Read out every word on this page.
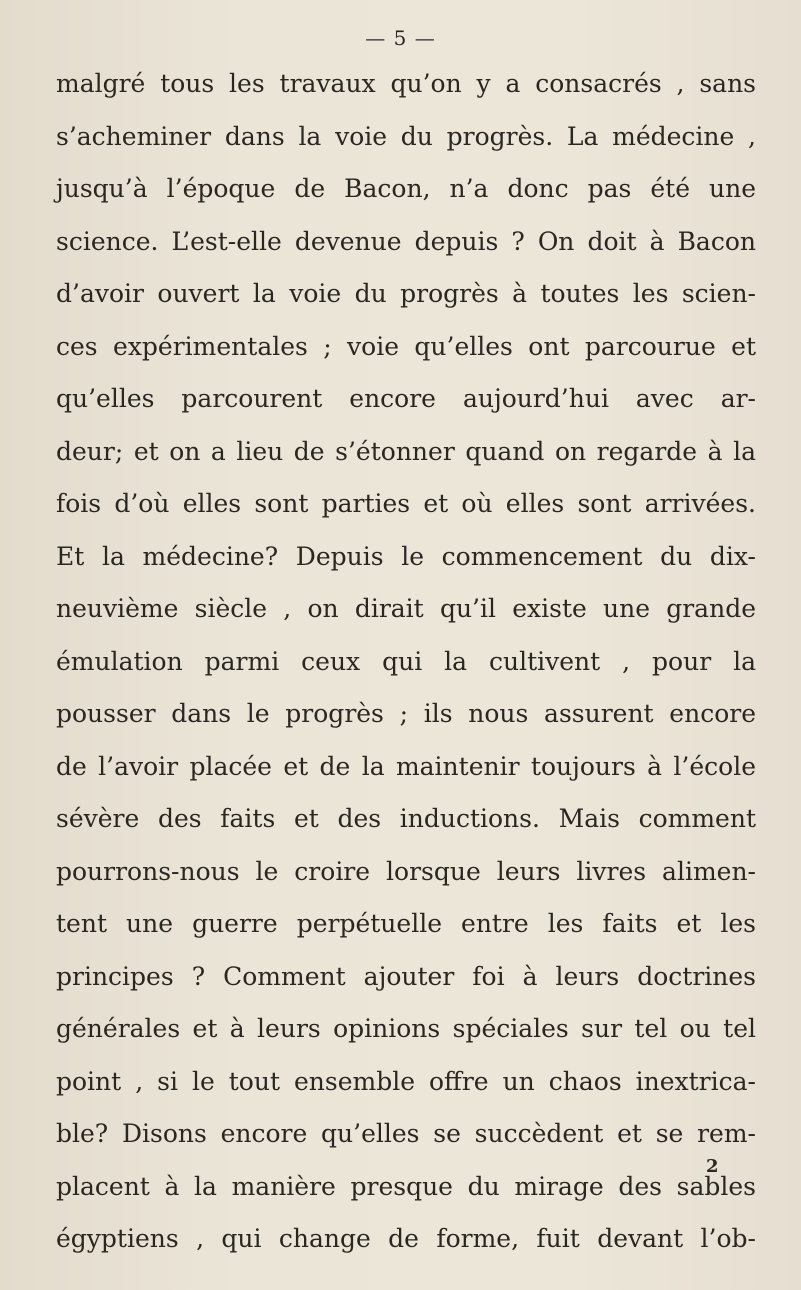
— 5 —
malgré tous les travaux qu’on y a consacrés , sans
s’acheminer dans la voie du progrès. La médecine ,
jusqu’à l’époque de Bacon, n’a donc pas été une
science. L’est-elle devenue depuis ? On doit à Bacon
d’avoir ouvert la voie du progrès à toutes les scien-
ces expérimentales ; voie qu’elles ont parcourue et
qu’elles parcourent encore aujourd’hui avec ar-
deur; et on a lieu de s’étonner quand on regarde à la
fois d’où elles sont parties et où elles sont arrivées.
Et la médecine? Depuis le commencement du dix-
neuvième siècle , on dirait qu’il existe une grande
émulation parmi ceux qui la cultivent , pour la
pousser dans le progrès ; ils nous assurent encore
de l’avoir placée et de la maintenir toujours à l’école
sévère des faits et des inductions. Mais comment
pourrons-nous le croire lorsque leurs livres alimen-
tent une guerre perpétuelle entre les faits et les
principes ? Comment ajouter foi à leurs doctrines
générales et à leurs opinions spéciales sur tel ou tel
point , si le tout ensemble offre un chaos inextrica-
ble? Disons encore qu’elles se succèdent et se rem-
placent à la manière presque du mirage des sables
égyptiens , qui change de forme, fuit devant l’ob-
2
